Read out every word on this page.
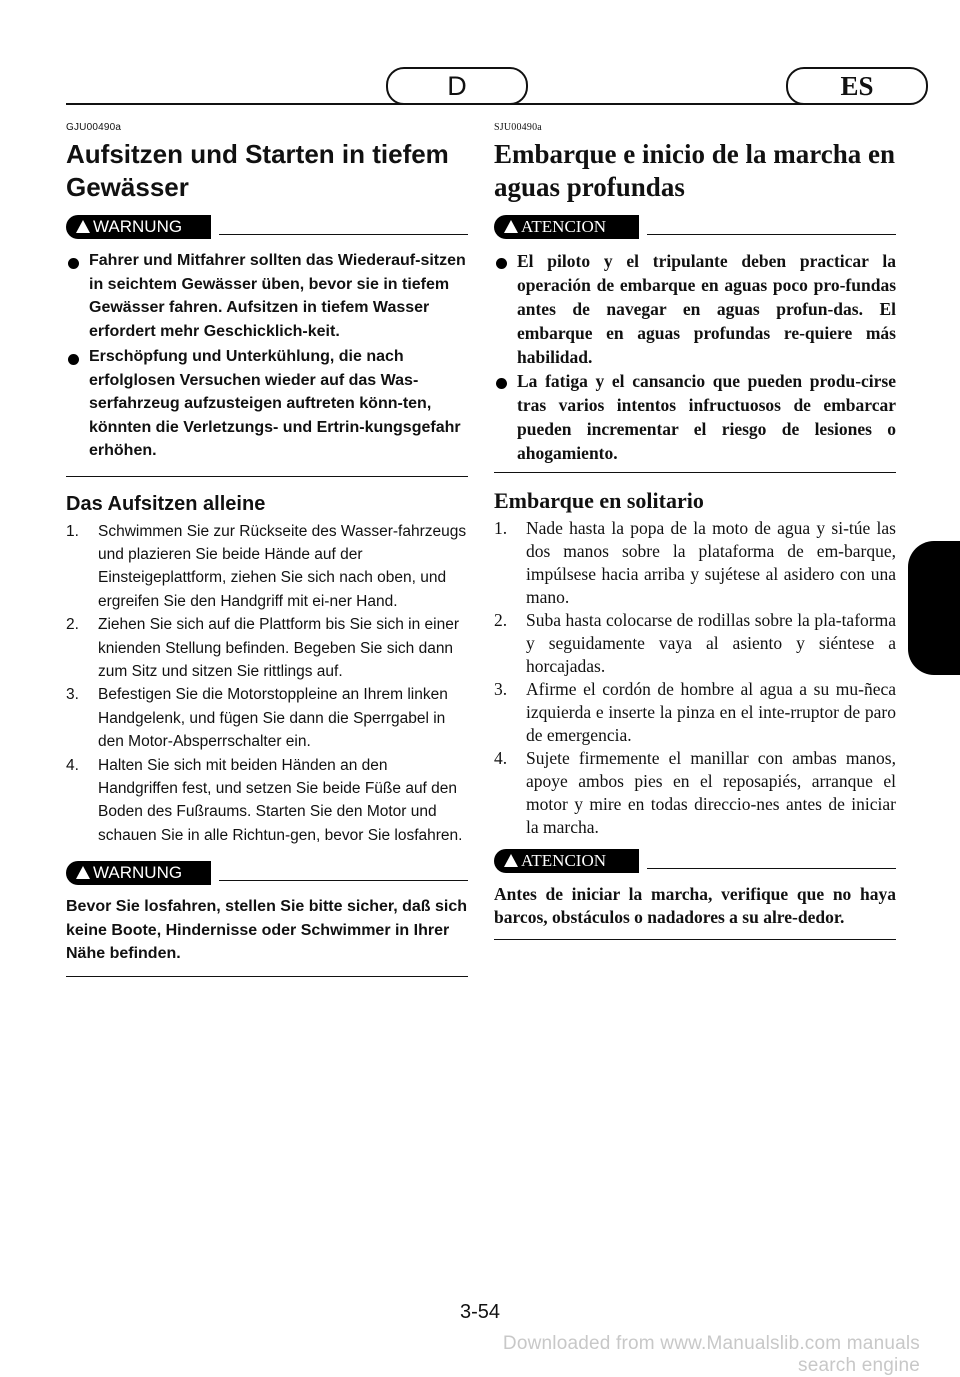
D	ES
GJU00490a
Aufsitzen und Starten in tiefem Gewässer
WARNUNG
Fahrer und Mitfahrer sollten das Wiederauf-sitzen in seichtem Gewässer üben, bevor sie in tiefem Gewässer fahren. Aufsitzen in tiefem Wasser erfordert mehr Geschicklich-keit.
Erschöpfung und Unterkühlung, die nach erfolglosen Versuchen wieder auf das Was-serfahrzeug aufzusteigen auftreten könn-ten, könnten die Verletzungs- und Ertrin-kungsgefahr erhöhen.
Das Aufsitzen alleine
1. Schwimmen Sie zur Rückseite des Wasser-fahrzeugs und plazieren Sie beide Hände auf der Einsteigeplattform, ziehen Sie sich nach oben, und ergreifen Sie den Handgriff mit ei-ner Hand.
2. Ziehen Sie sich auf die Plattform bis Sie sich in einer knienden Stellung befinden. Begeben Sie sich dann zum Sitz und sitzen Sie rittlings auf.
3. Befestigen Sie die Motorstoppleine an Ihrem linken Handgelenk, und fügen Sie dann die Sperrgabel in den Motor-Absperrschalter ein.
4. Halten Sie sich mit beiden Händen an den Handgriffen fest, und setzen Sie beide Füße auf den Boden des Fußraums. Starten Sie den Motor und schauen Sie in alle Richtun-gen, bevor Sie losfahren.
WARNUNG
Bevor Sie losfahren, stellen Sie bitte sicher, daß sich keine Boote, Hindernisse oder Schwimmer in Ihrer Nähe befinden.
SJU00490a
Embarque e inicio de la marcha en aguas profundas
ATENCION
El piloto y el tripulante deben practicar la operación de embarque en aguas poco pro-fundas antes de navegar en aguas profun-das. El embarque en aguas profundas re-quiere más habilidad.
La fatiga y el cansancio que pueden produ-cirse tras varios intentos infructuosos de embarcar pueden incrementar el riesgo de lesiones o ahogamiento.
Embarque en solitario
1. Nade hasta la popa de la moto de agua y si-túe las dos manos sobre la plataforma de em-barque, impúlsese hacia arriba y sujétese al asidero con una mano.
2. Suba hasta colocarse de rodillas sobre la pla-taforma y seguidamente vaya al asiento y siéntese a horcajadas.
3. Afirme el cordón de hombre al agua a su mu-ñeca izquierda e inserte la pinza en el inte-rruptor de paro de emergencia.
4. Sujete firmemente el manillar con ambas manos, apoye ambos pies en el reposapiés, arranque el motor y mire en todas direccio-nes antes de iniciar la marcha.
ATENCION
Antes de iniciar la marcha, verifique que no haya barcos, obstáculos o nadadores a su alre-dedor.
3-54
Downloaded from www.Manualslib.com manuals search engine
